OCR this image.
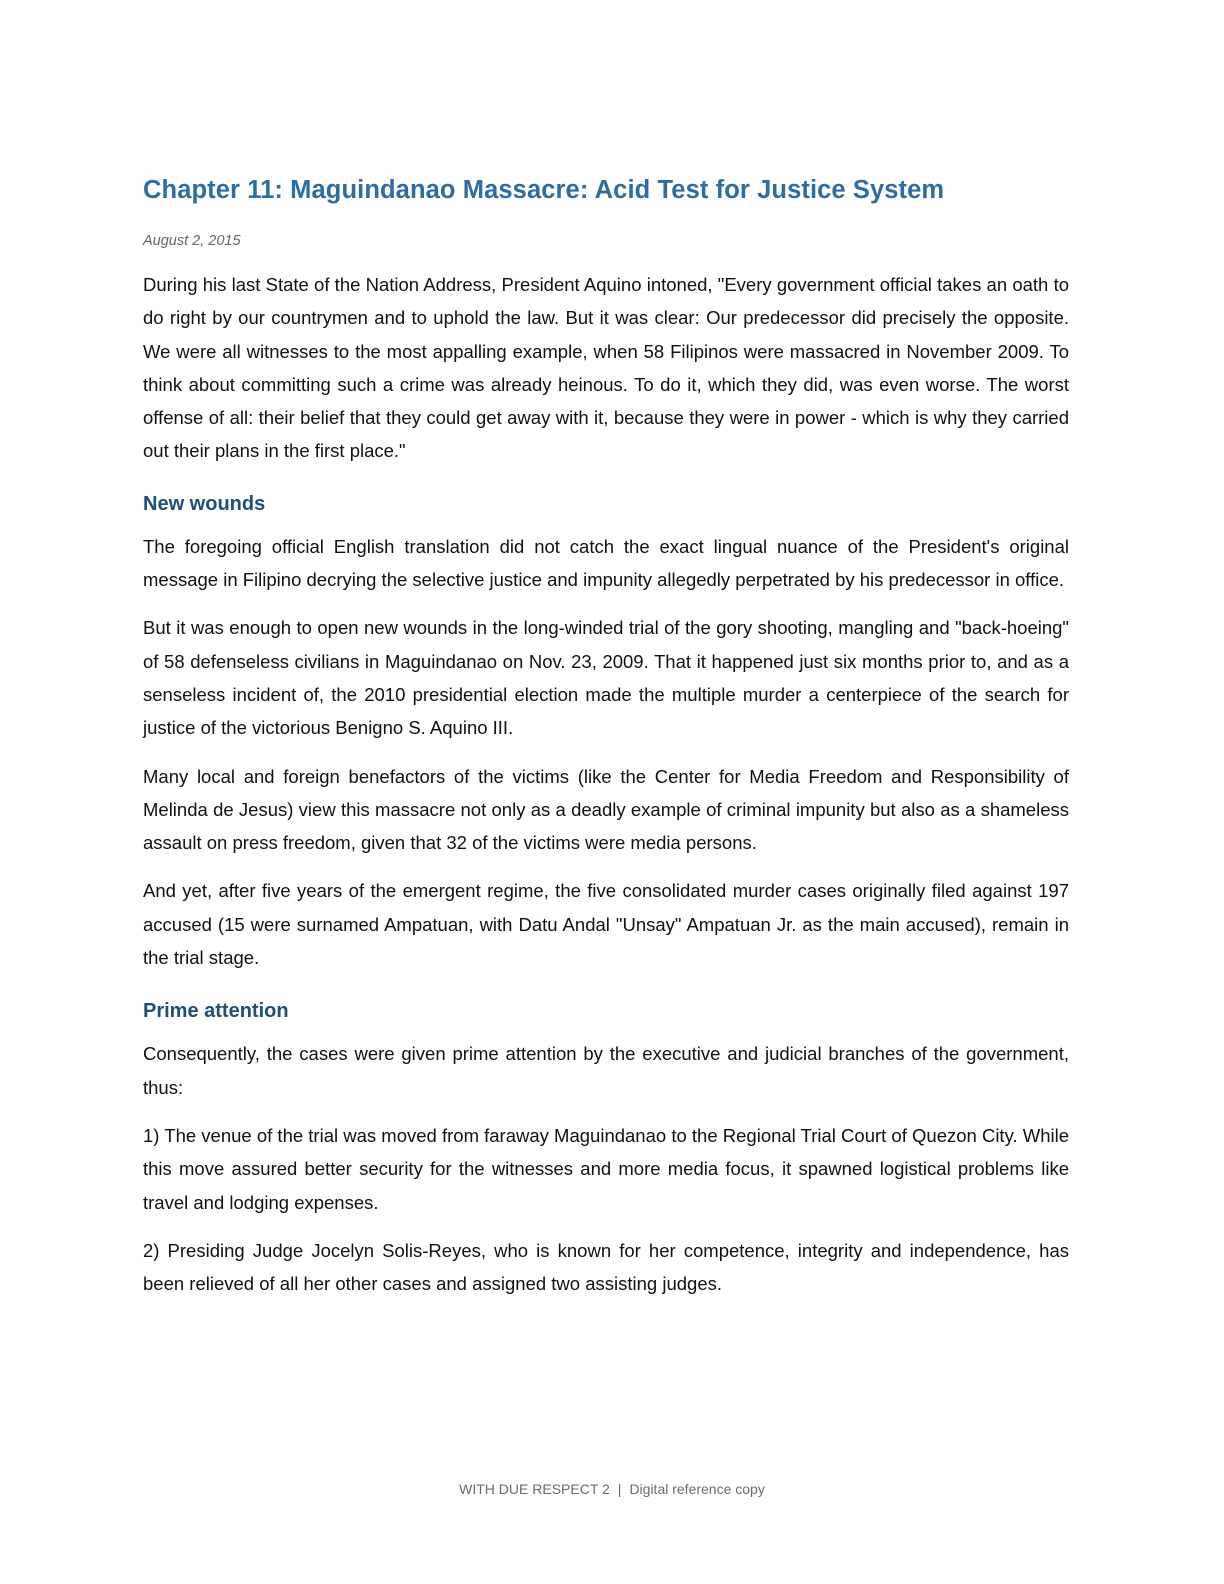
Chapter 11: Maguindanao Massacre: Acid Test for Justice System

August 2, 2015

During his last State of the Nation Address, President Aquino intoned, "Every government official takes an oath to do right by our countrymen and to uphold the law. But it was clear: Our predecessor did precisely the opposite. We were all witnesses to the most appalling example, when 58 Filipinos were massacred in November 2009. To think about committing such a crime was already heinous. To do it, which they did, was even worse. The worst offense of all: their belief that they could get away with it, because they were in power - which is why they carried out their plans in the first place."

New wounds

The foregoing official English translation did not catch the exact lingual nuance of the President's original message in Filipino decrying the selective justice and impunity allegedly perpetrated by his predecessor in office.

But it was enough to open new wounds in the long-winded trial of the gory shooting, mangling and "back-hoeing" of 58 defenseless civilians in Maguindanao on Nov. 23, 2009. That it happened just six months prior to, and as a senseless incident of, the 2010 presidential election made the multiple murder a centerpiece of the search for justice of the victorious Benigno S. Aquino III.

Many local and foreign benefactors of the victims (like the Center for Media Freedom and Responsibility of Melinda de Jesus) view this massacre not only as a deadly example of criminal impunity but also as a shameless assault on press freedom, given that 32 of the victims were media persons.

And yet, after five years of the emergent regime, the five consolidated murder cases originally filed against 197 accused (15 were surnamed Ampatuan, with Datu Andal "Unsay" Ampatuan Jr. as the main accused), remain in the trial stage.

Prime attention

Consequently, the cases were given prime attention by the executive and judicial branches of the government, thus:

1) The venue of the trial was moved from faraway Maguindanao to the Regional Trial Court of Quezon City. While this move assured better security for the witnesses and more media focus, it spawned logistical problems like travel and lodging expenses.

2) Presiding Judge Jocelyn Solis-Reyes, who is known for her competence, integrity and independence, has been relieved of all her other cases and assigned two assisting judges.

WITH DUE RESPECT 2 | Digital reference copy
